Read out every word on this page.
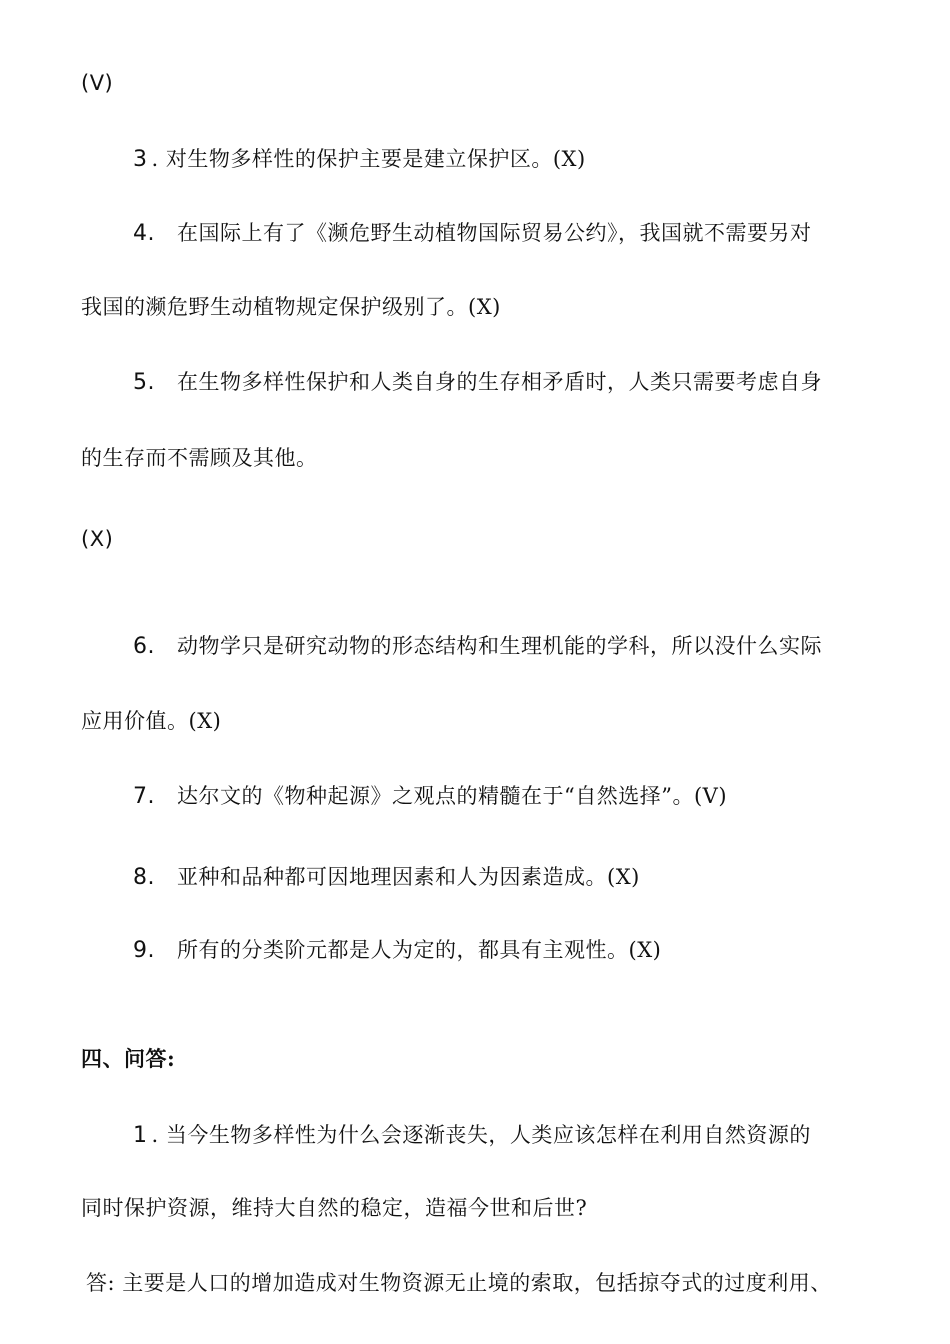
(V)
3 . 对生物多样性的保护主要是建立保护区。(X)
4. 在国际上有了《濒危野生动植物国际贸易公约》，我国就不需要另对
我国的濒危野生动植物规定保护级别了。(X)
5. 在生物多样性保护和人类自身的生存相矛盾时，人类只需要考虑自身
的生存而不需顾及其他。
(X)
6. 动物学只是研究动物的形态结构和生理机能的学科，所以没什么实际
应用价值。(X)
7. 达尔文的《物种起源》之观点的精髓在于“自然选择”。(V)
8. 亚种和品种都可因地理因素和人为因素造成。(X)
9. 所有的分类阶元都是人为定的，都具有主观性。(X)
四、问答:
1 . 当今生物多样性为什么会逐渐丧失，人类应该怎样在利用自然资源的
同时保护资源，维持大自然的稳定，造福今世和后世?
答: 主要是人口的增加造成对生物资源无止境的索取，包括掠夺式的过度利用、
